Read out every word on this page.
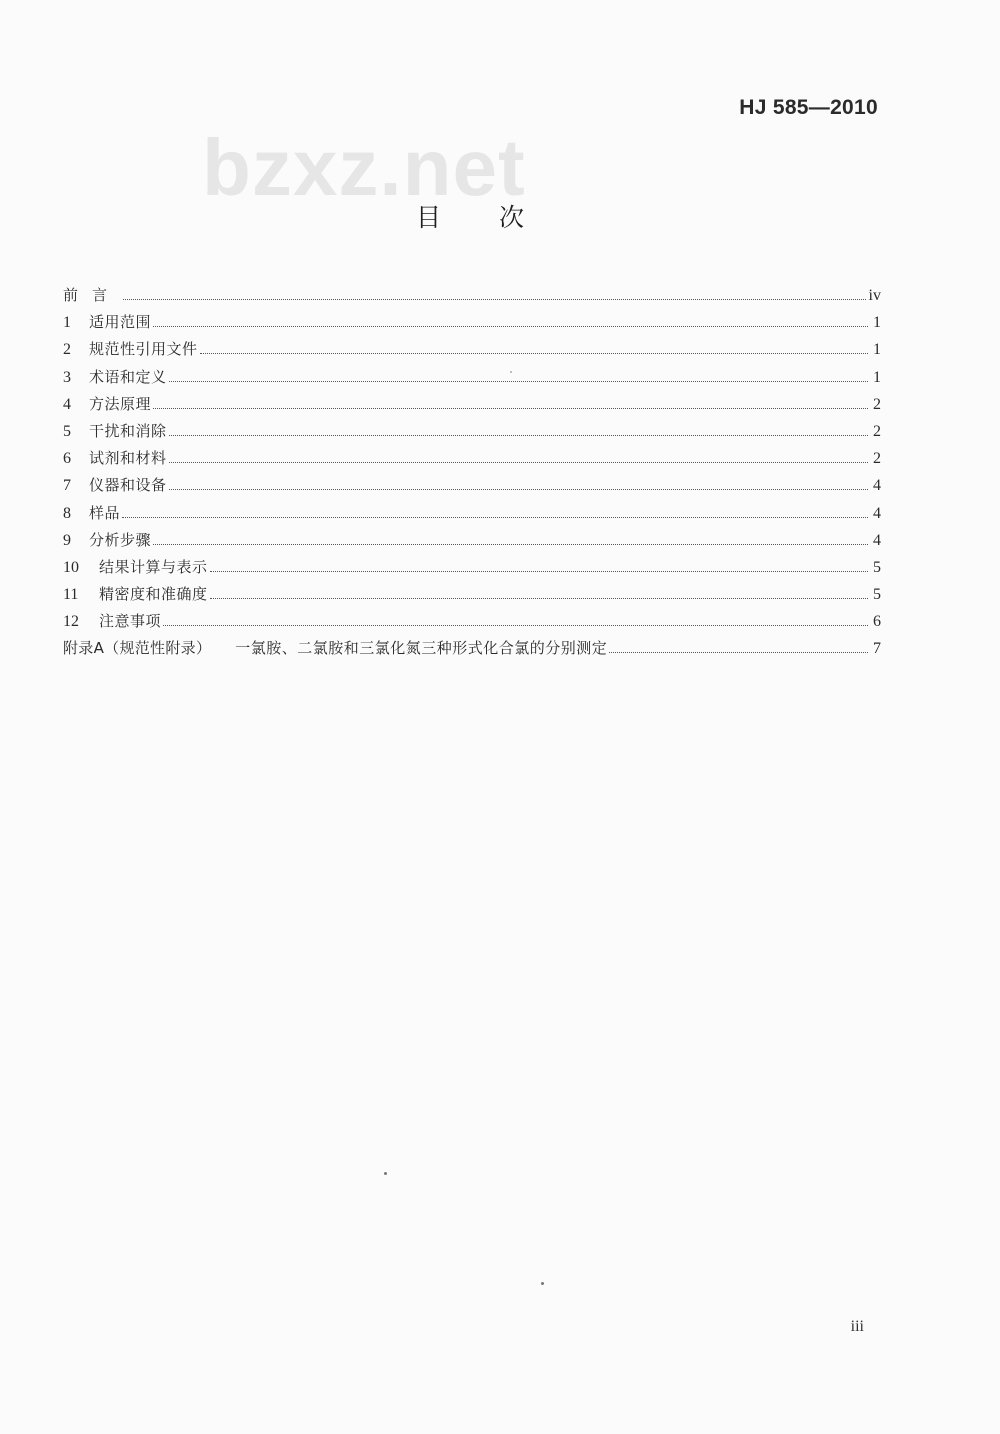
bzxz.net
HJ 585—2010
目次
前言	iv
1	适用范围	1
2	规范性引用文件	1
3	术语和定义	1
4	方法原理	2
5	干扰和消除	2
6	试剂和材料	2
7	仪器和设备	4
8	样品	4
9	分析步骤	4
10	结果计算与表示	5
11	精密度和准确度	5
12	注意事项	6
附录A（规范性附录） 一氯胺、二氯胺和三氯化氮三种形式化合氯的分别测定	7
iii
